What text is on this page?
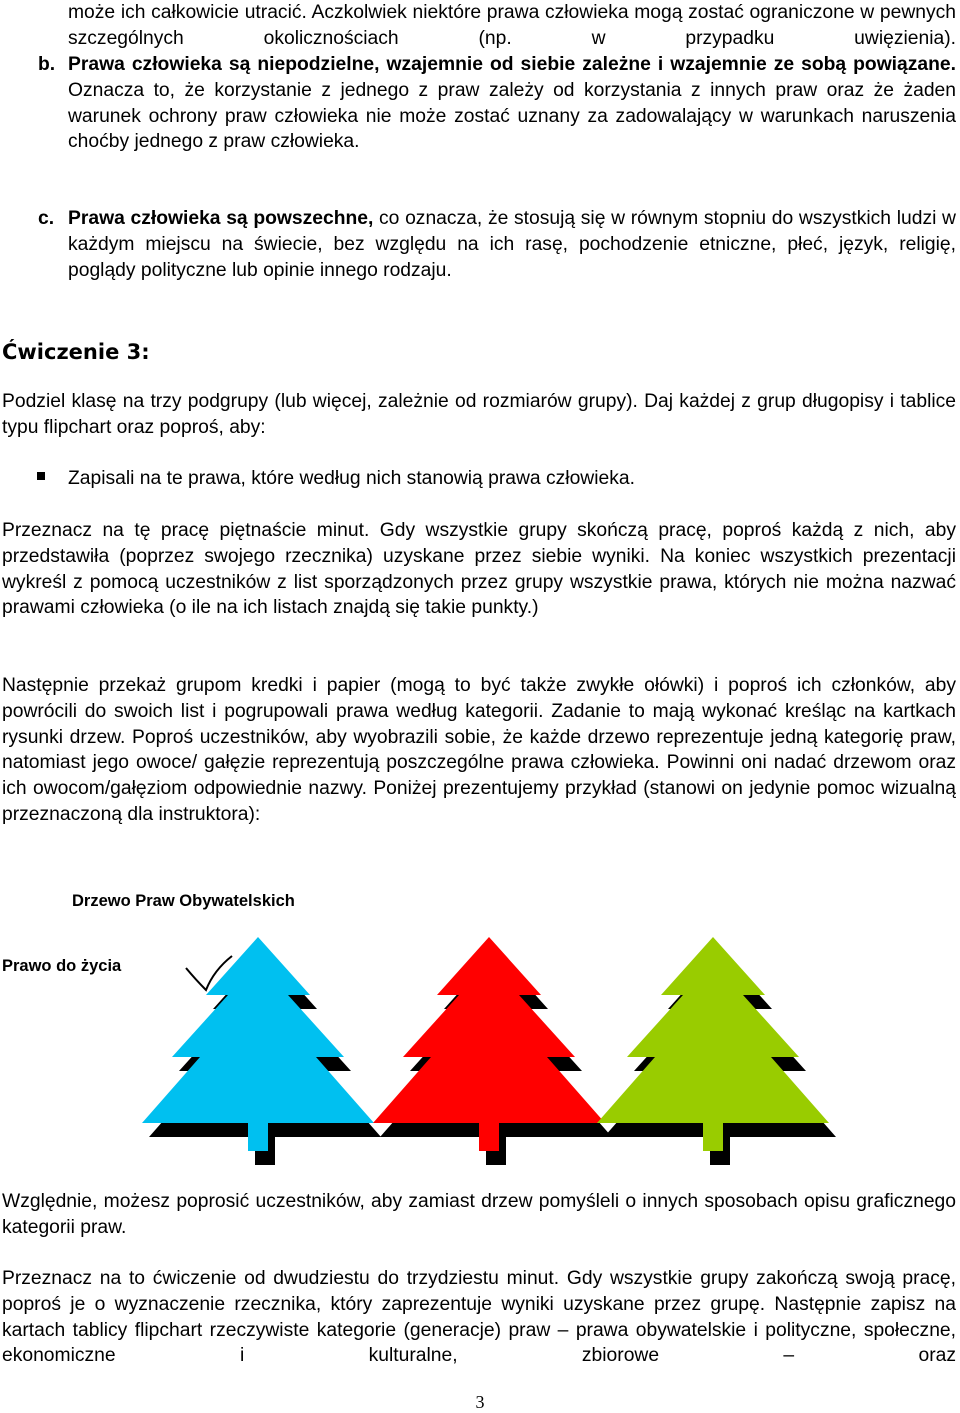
może ich całkowicie utracić. Aczkolwiek niektóre prawa człowieka mogą zostać ograniczone w pewnych szczególnych okolicznościach (np. w przypadku uwięzienia).

b. Prawa człowieka są niepodzielne, wzajemnie od siebie zależne i wzajemnie ze sobą powiązane. Oznacza to, że korzystanie z jednego z praw zależy od korzystania z innych praw oraz że żaden warunek ochrony praw człowieka nie może zostać uznany za zadowalający w warunkach naruszenia choćby jednego z praw człowieka.

c. Prawa człowieka są powszechne, co oznacza, że stosują się w równym stopniu do wszystkich ludzi w każdym miejscu na świecie, bez względu na ich rasę, pochodzenie etniczne, płeć, język, religię, poglądy polityczne lub opinie innego rodzaju.

Ćwiczenie 3:

Podziel klasę na trzy podgrupy (lub więcej, zależnie od rozmiarów grupy). Daj każdej z grup długopisy i tablice typu flipchart oraz poproś, aby:

Zapisali na te prawa, które według nich stanowią prawa człowieka.

Przeznacz na tę pracę piętnaście minut. Gdy wszystkie grupy skończą pracę, poproś każdą z nich, aby przedstawiła (poprzez swojego rzecznika) uzyskane przez siebie wyniki. Na koniec wszystkich prezentacji wykreśl z pomocą uczestników z list sporządzonych przez grupy wszystkie prawa, których nie można nazwać prawami człowieka (o ile na ich listach znajdą się takie punkty.)

Następnie przekaż grupom kredki i papier (mogą to być także zwykłe ołówki) i poproś ich członków, aby powrócili do swoich list i pogrupowali prawa według kategorii. Zadanie to mają wykonać kreśląc na kartkach rysunki drzew. Poproś uczestników, aby wyobrazili sobie, że każde drzewo reprezentuje jedną kategorię praw, natomiast jego owoce/ gałęzie reprezentują poszczególne prawa człowieka. Powinni oni nadać drzewom oraz ich owocom/gałęziom odpowiednie nazwy. Poniżej prezentujemy przykład (stanowi on jedynie pomoc wizualną przeznaczoną dla instruktora):

Drzewo Praw Obywatelskich

Prawo do życia

Względnie, możesz poprosić uczestników, aby zamiast drzew pomyśleli o innych sposobach opisu graficznego kategorii praw.

Przeznacz na to ćwiczenie od dwudziestu do trzydziestu minut. Gdy wszystkie grupy zakończą swoją pracę, poproś je o wyznaczenie rzecznika, który zaprezentuje wyniki uzyskane przez grupę. Następnie zapisz na kartach tablicy flipchart rzeczywiste kategorie (generacje) praw – prawa obywatelskie i polityczne, społeczne, ekonomiczne i kulturalne, zbiorowe – oraz

3
